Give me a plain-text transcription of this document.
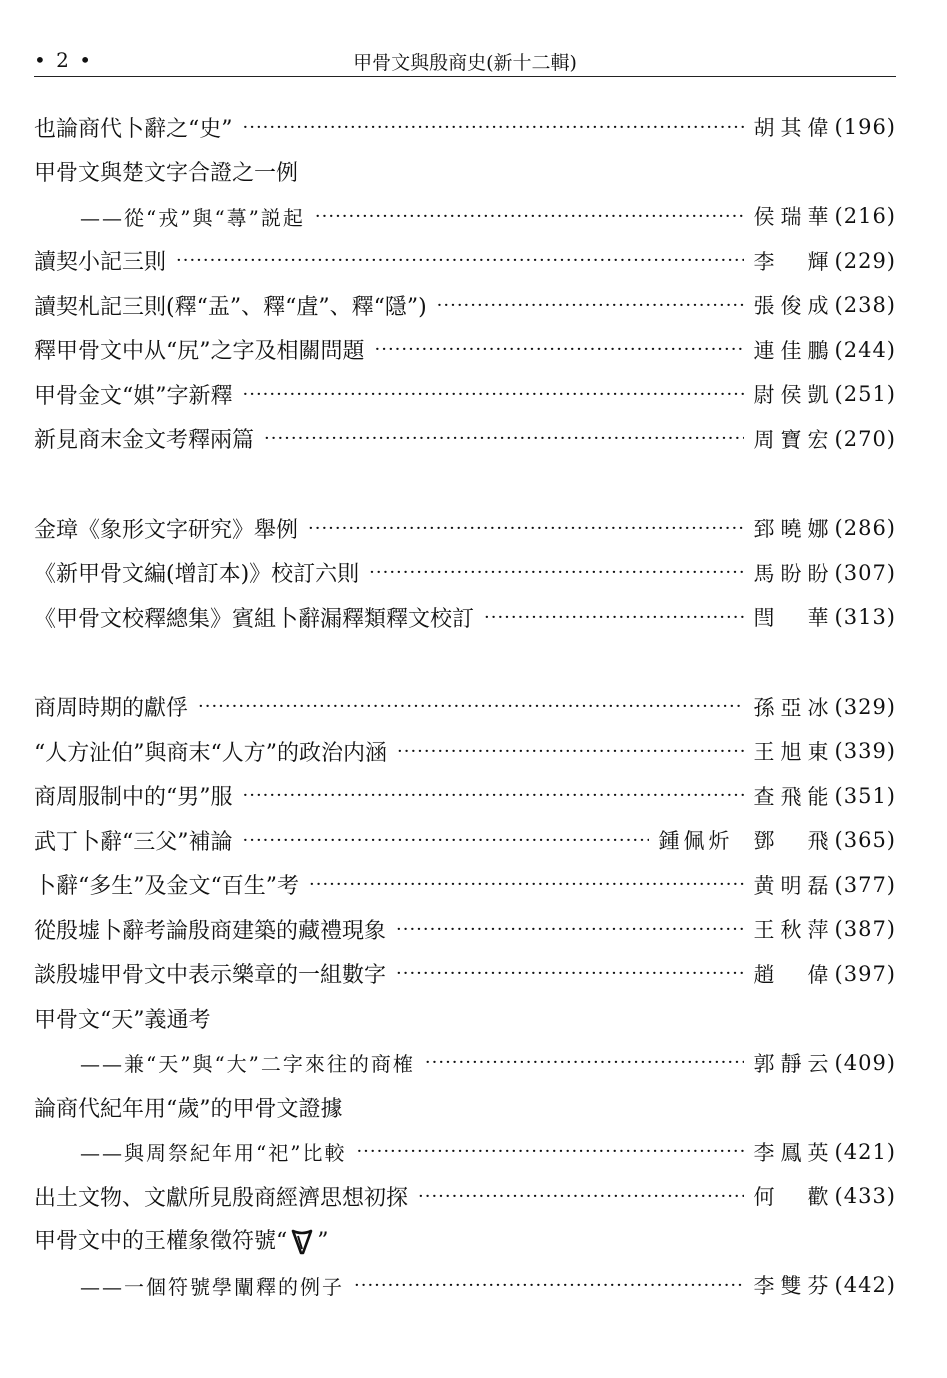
• 2 •	甲骨文與殷商史(新十二輯)
也論商代卜辭之“史” ·····	胡其偉 (196)
甲骨文與楚文字合證之一例
——從“戎”與“蕁”説起 ·····	侯瑞華 (216)
讀契小記三則 ·····	李　輝 (229)
讀契札記三則(釋“盂”、釋“虘”、釋“隱”) ·····	張俊成 (238)
釋甲骨文中从“尻”之字及相關問題 ·····	連佳鵬 (244)
甲骨金文“娸”字新釋 ·····	尉侯凱 (251)
新見商末金文考釋兩篇 ·····	周寶宏 (270)
金璋《象形文字研究》舉例 ·····	郅曉娜 (286)
《新甲骨文編(增訂本)》校訂六則 ·····	馬盼盼 (307)
《甲骨文校釋總集》賓組卜辭漏釋類釋文校訂 ·····	閆　華 (313)
商周時期的獻俘 ·····	孫亞冰 (329)
“人方沚伯”與商末“人方”的政治内涵 ·····	王旭東 (339)
商周服制中的“男”服 ·····	查飛能 (351)
武丁卜辭“三父”補論 ·····	鍾佩炘 鄧　飛 (365)
卜辭“多生”及金文“百生”考 ·····	黄明磊 (377)
從殷墟卜辭考論殷商建築的藏禮現象 ·····	王秋萍 (387)
談殷墟甲骨文中表示樂章的一組數字 ·····	趙　偉 (397)
甲骨文“天”義通考
——兼“天”與“大”二字來往的商榷 ·····	郭靜云 (409)
論商代紀年用“歲”的甲骨文證據
——與周祭紀年用“祀”比較 ·····	李鳳英 (421)
出土文物、文獻所見殷商經濟思想初探 ·····	何　歡 (433)
甲骨文中的王權象徵符號“ ”
——一個符號學闡釋的例子 ·····	李雙芬 (442)
